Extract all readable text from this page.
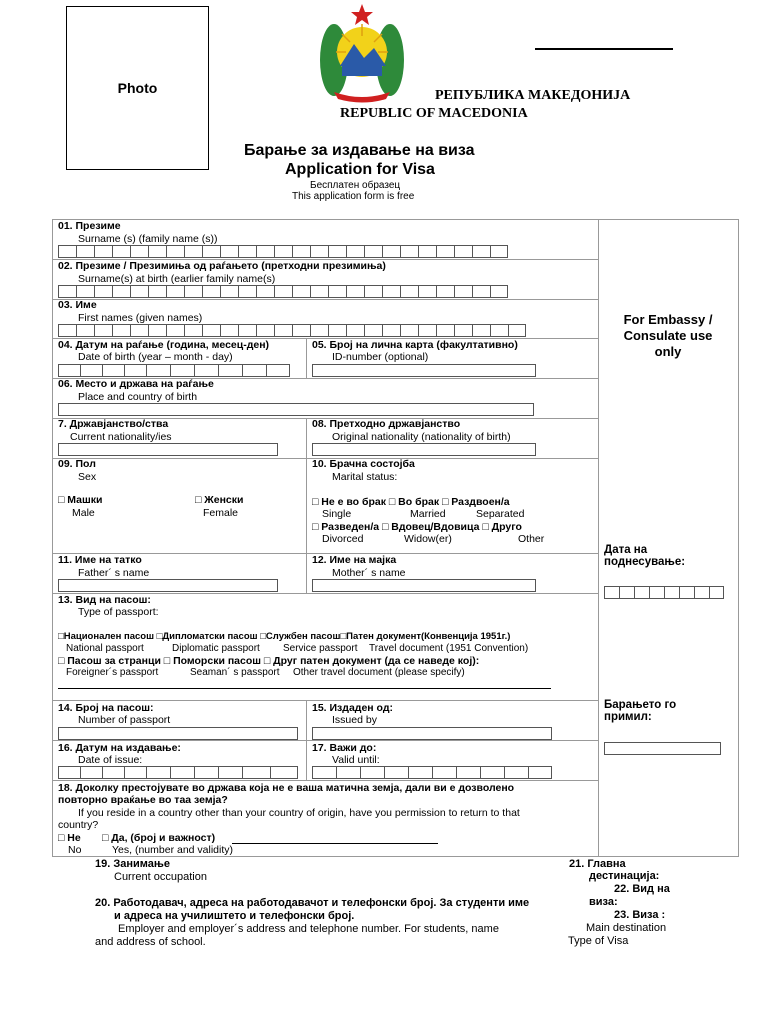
Photo	РЕПУБЛИКА МАКЕДОНИЈА
REPUBLIC OF MACEDONIA
Барање за издавање на виза
Application for Visa
Бесплатен образец
This application form is free
01. Презиме
Surname (s) (family name (s))
02. Презиме / Презимиња од раѓањето (претходни презимиња)
Surname(s) at birth (earlier family name(s)
03. Име
First names (given names)
04. Датум на раѓање (година, месец-ден)
Date of birth (year – month - day)
05. Број на лична карта (факултативно)
ID-number (optional)
06. Место и држава на раѓање
Place and country of birth
7. Државјанство/ства
Current nationality/ies
08. Претходно државјанство
Original nationality (nationality of birth)
09. Пол
Sex
□ Машки
Male
□ Женски
Female
10. Брачна состојба
Marital status:
□ Не е во брак □ Во брак □ Раздвоен/а
Single	Married	Separated
□ Разведен/а □ Вдовец/Вдовица □ Друго
Divorced	Widow(er)	Other
11. Име на татко
Father´ s name
12. Име на мајка
Mother´ s name
13. Вид на пасош:
Type of passport:
□Национален пасош □Дипломатски пасош □Службен пасош□Патен документ(Конвенција 1951г.)
National passport	Diplomatic passport Service passport Travel document (1951 Convention)
□ Пасош за странци □ Поморски пасош □ Друг патен документ (да се наведе кој):
Foreigner´s passport	Seaman´ s passport Other travel document (please specify)
14. Број на пасош:
Number of passport
15. Издаден од:
Issued by
16. Датум на издавање:
Date of issue:
17. Важи до:
Valid until:
18. Доколку престојувате во држава која не е ваша матична земја, дали ви е дозволено
повторно враќање во таа земја?
If you reside in a country other than your country of origin, have you permission to return to that
country?
□ Не □ Да, (број и важност)
No	Yes, (number and validity)
For Embassy / Consulate use only
Дата на поднесување:
Барањето го примил:
19. Занимање
Current occupation
20. Работодавач, адреса на работодавачот и телефонски број. За студенти име
и адреса на училиштето и телефонски број.
Employer and employer´s address and telephone number. For students, name
and address of school.
21. Главна
дестинација:
22. Вид на
виза:
23. Виза :
Main destination
Type of Visa
